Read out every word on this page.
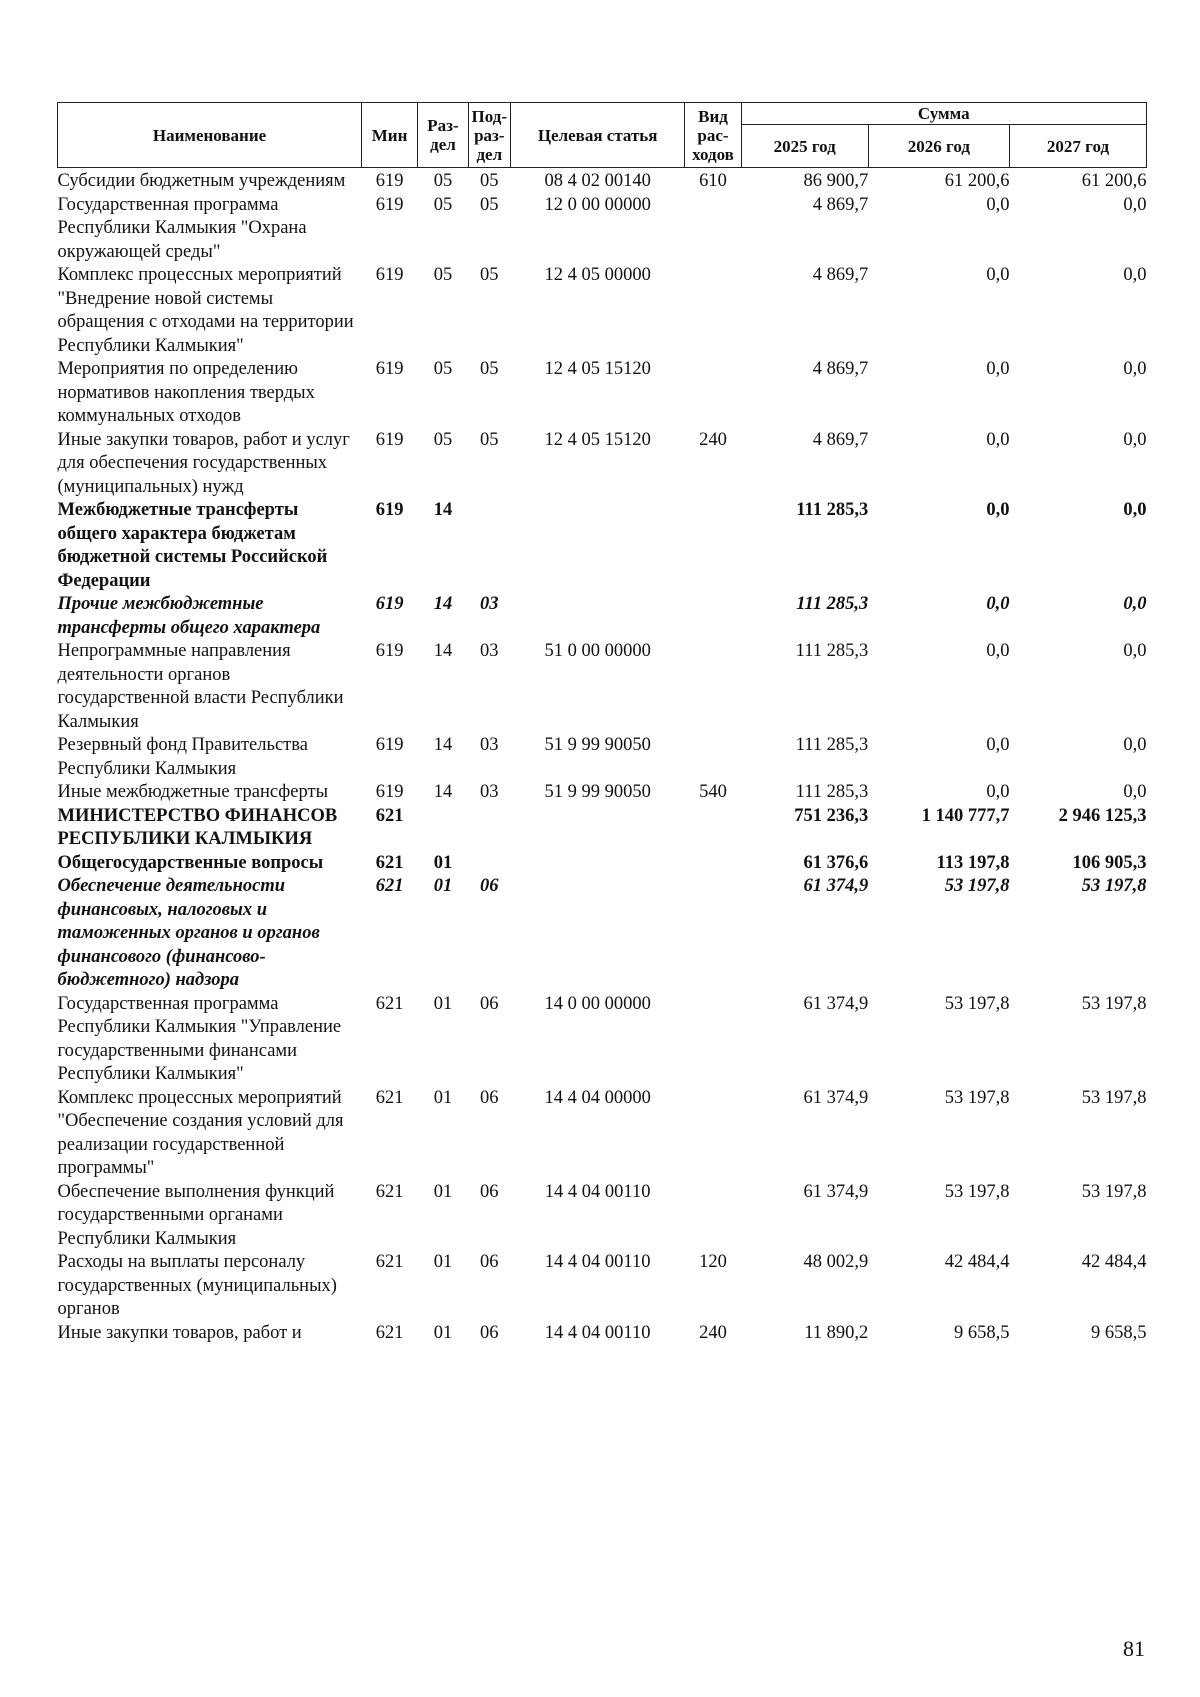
Наименование	Мин	Раз-дел	Под-раз-дел	Целевая статья	Вид рас-ходов	Сумма		
						2025 год	2026 год	2027 год
Субсидии бюджетным учреждениям	619	05	05	08 4 02 00140	610	86 900,7	61 200,6	61 200,6
Государственная программа Республики Калмыкия "Охрана окружающей среды"	619	05	05	12 0 00 00000		4 869,7	0,0	0,0
Комплекс процессных мероприятий "Внедрение новой системы обращения с отходами на территории Республики Калмыкия"	619	05	05	12 4 05 00000		4 869,7	0,0	0,0
Мероприятия по определению нормативов накопления твердых коммунальных отходов	619	05	05	12 4 05 15120		4 869,7	0,0	0,0
Иные закупки товаров, работ и услуг для обеспечения государственных (муниципальных) нужд	619	05	05	12 4 05 15120	240	4 869,7	0,0	0,0
Межбюджетные трансферты общего характера бюджетам бюджетной системы Российской Федерации	619	14				111 285,3	0,0	0,0
Прочие межбюджетные трансферты общего характера	619	14	03			111 285,3	0,0	0,0
Непрограммные направления деятельности органов государственной власти Республики Калмыкия	619	14	03	51 0 00 00000		111 285,3	0,0	0,0
Резервный фонд Правительства Республики Калмыкия	619	14	03	51 9 99 90050		111 285,3	0,0	0,0
Иные межбюджетные трансферты	619	14	03	51 9 99 90050	540	111 285,3	0,0	0,0
МИНИСТЕРСТВО ФИНАНСОВ РЕСПУБЛИКИ КАЛМЫКИЯ	621					751 236,3	1 140 777,7	2 946 125,3
Общегосударственные вопросы	621	01				61 376,6	113 197,8	106 905,3
Обеспечение деятельности финансовых, налоговых и таможенных органов и органов финансового (финансово-бюджетного) надзора	621	01	06			61 374,9	53 197,8	53 197,8
Государственная программа Республики Калмыкия "Управление государственными финансами Республики Калмыкия"	621	01	06	14 0 00 00000		61 374,9	53 197,8	53 197,8
Комплекс процессных мероприятий "Обеспечение создания условий для реализации государственной программы"	621	01	06	14 4 04 00000		61 374,9	53 197,8	53 197,8
Обеспечение выполнения функций государственными органами Республики Калмыкия	621	01	06	14 4 04 00110		61 374,9	53 197,8	53 197,8
Расходы на выплаты персоналу государственных (муниципальных) органов	621	01	06	14 4 04 00110	120	48 002,9	42 484,4	42 484,4
Иные закупки товаров, работ и	621	01	06	14 4 04 00110	240	11 890,2	9 658,5	9 658,5
81
